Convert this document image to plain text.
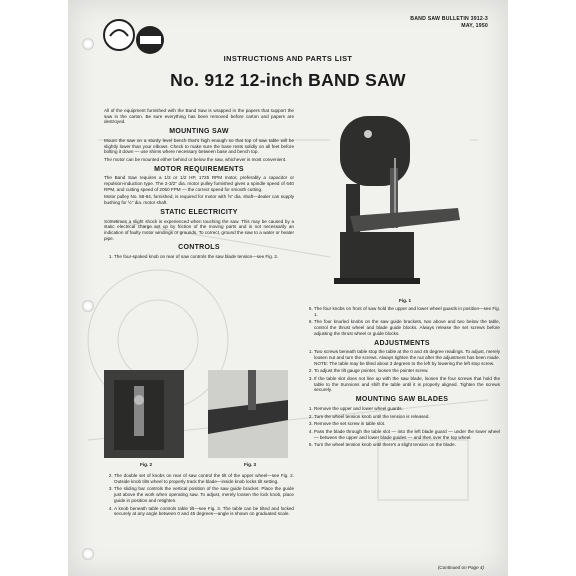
BAND SAW BULLETIN 3912-3
MAY, 1950
INSTRUCTIONS AND PARTS LIST
No. 912 12-inch BAND SAW
Fig. 1

All of the equipment furnished with the Band Saw is wrapped in the papers that support the saw in the carton. Be sure everything has been removed before carton and papers are destroyed.

MOUNTING SAW

Mount the saw on a sturdy level bench that's high enough so that top of saw table will be slightly lower than your elbows. Check to make sure the base rests solidly on all feet before bolting it down — use shims where necessary between base and bench top.

The motor can be mounted either behind or below the saw, whichever is most convenient.

MOTOR REQUIREMENTS

The Band Saw requires a 1/3 or 1/2 HP, 1725 RPM motor, preferably a capacitor or repulsion-induction type. The 2-3/2" dia. motor pulley furnished gives a spindle speed of 640 RPM, and cutting speed of 2050 FPM — the correct speed for smooth cutting.

Motor pulley No. 58-84, furnished, is required for motor with ⅝" dia. shaft—dealer can supply bushing for ½" dia. motor shaft.

STATIC ELECTRICITY

Sometimes a slight shock is experienced when touching the saw. This may be caused by a static electrical charge set up by friction of the moving parts and is not necessarily an indication of faulty motor windings or grounds. To correct, ground the saw to a water or heater pipe.

CONTROLS
1. The four-spoked knob on rear of saw controls the saw blade tension—see Fig. 2.
Fig. 2	Fig. 3
2. The double set of knobs on rear of saw control the tilt of the upper wheel—see Fig. 2. Outside knob tilts wheel to properly track the blade—inside knob locks tilt setting.
3. The sliding bar controls the vertical position of the saw guide bracket. Place the guide just above the work when operating saw. To adjust, merely loosen the lock knob, place guide in position and retighten.
4. A knob beneath table controls table tilt—see Fig. 3. The table can be tilted and locked securely at any angle between 0 and 45 degrees—angle is shown on graduated scale.
5. The four knobs on front of saw hold the upper and lower wheel guards in position—see Fig. 1.
6. The four knurled knobs on the saw guide brackets, two above and two below the table, control the thrust wheel and blade guide blocks. Always release the set screws before adjusting the thrust wheel or guide blocks.
ADJUSTMENTS
1. Two screws beneath table stop the table at the 0 and 45 degree readings. To adjust, merely loosen nut and turn the screws. Always tighten the nut after the adjustment has been made.
NOTE: The table may be tilted about 3 degrees to the left by lowering the left stop screw.
2. To adjust the tilt gauge pointer, loosen the pointer screw.
3. If the table slot does not line up with the saw blade, loosen the four screws that hold the table to the trunnions and shift the table until it is properly aligned. Tighten the screws securely.
MOUNTING SAW BLADES
1. Remove the upper and lower wheel guards.
2. Turn the wheel tension knob until the tension is released.
3. Remove the set screw in table slot.
4. Pass the blade through the table slot — into the left blade guard — under the lower wheel — between the upper and lower blade guides — and then over the top wheel.
5. Turn the wheel tension knob until there's a slight tension on the blade.
(Continued on Page 4)
